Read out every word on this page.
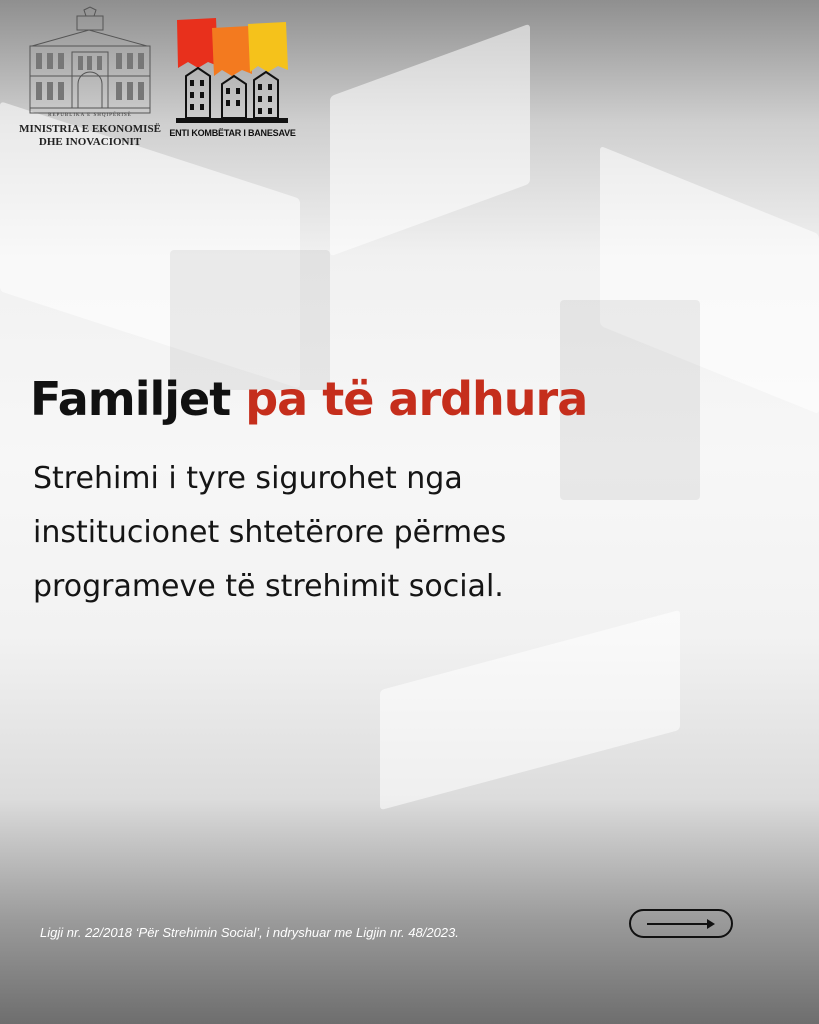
REPUBLIKA E SHQIPËRISË
MINISTRIA E EKONOMISË
DHE INOVACIONIT
ENTI KOMBËTAR I BANESAVE
Familjet pa të ardhura
Strehimi i tyre sigurohet nga
institucionet shtetërore përmes
programeve të strehimit social.
Ligji nr. 22/2018 ‘Për Strehimin Social’, i ndryshuar me Ligjin nr. 48/2023.
